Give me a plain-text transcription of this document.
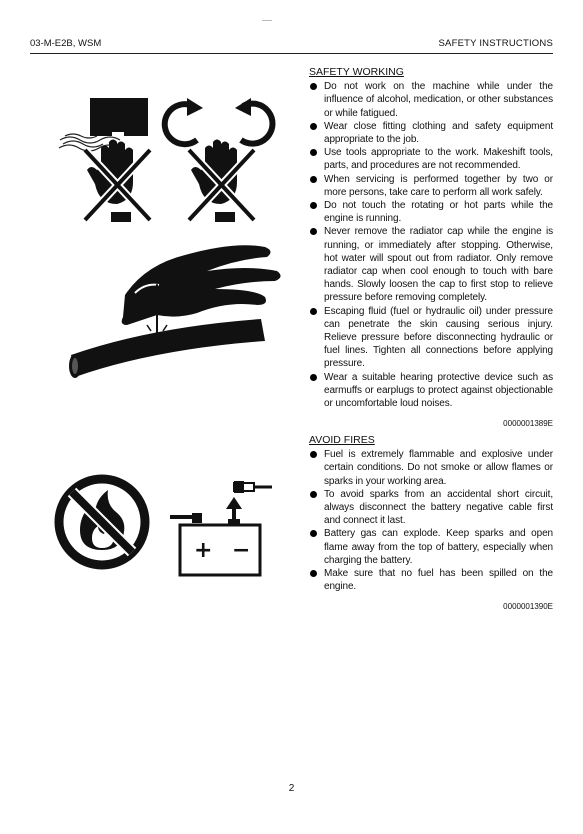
03-M-E2B, WSM	SAFETY INSTRUCTIONS
+ −
SAFETY WORKING
Do not work on the machine while under the influence of alcohol, medication, or other substances or while fatigued.
Wear close fitting clothing and safety equipment appropriate to the job.
Use tools appropriate to the work. Makeshift tools, parts, and procedures are not recommended.
When servicing is performed together by two or more persons, take care to perform all work safely.
Do not touch the rotating or hot parts while the engine is running.
Never remove the radiator cap while the engine is running, or immediately after stopping. Otherwise, hot water will spout out from radiator. Only remove radiator cap when cool enough to touch with bare hands. Slowly loosen the cap to first stop to relieve pressure before removing completely.
Escaping fluid (fuel or hydraulic oil) under pressure can penetrate the skin causing serious injury. Relieve pressure before disconnecting hydraulic or fuel lines. Tighten all connections before applying pressure.
Wear a suitable hearing protective device such as earmuffs or earplugs to protect against objectionable or uncomfortable loud noises.
0000001389E
AVOID FIRES
Fuel is extremely flammable and explosive under certain conditions. Do not smoke or allow flames or sparks in your working area.
To avoid sparks from an accidental short circuit, always disconnect the battery negative cable first and connect it last.
Battery gas can explode. Keep sparks and open flame away from the top of battery, especially when charging the battery.
Make sure that no fuel has been spilled on the engine.
0000001390E
2
